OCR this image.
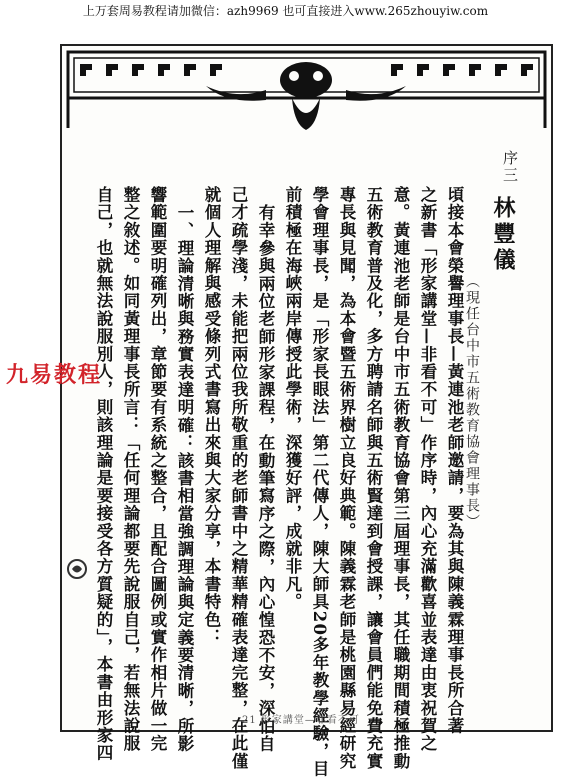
上万套周易教程请加微信：azh9969 也可直接进入www.265zhouyiw.com
序三
林豐儀
（現任台中市五術教育協會理事長）
頃接本會榮譽理事長—黃連池老師邀請，要為其與陳義霖理事長所合著
之新書「形家講堂—非看不可」作序時，內心充滿歡喜並表達由衷祝賀之
意。黃連池老師是台中市五術教育協會第三屆理事長，其任職期間積極推動
五術教育普及化，多方聘請名師與五術賢達到會授課，讓會員們能免費充實
專長與見聞，為本會暨五術界樹立良好典範。陳義霖老師是桃園縣易經研究
學會理事長，是「形家長眼法」第二代傳人，陳大師具20多年教學經驗，目
前積極在海峽兩岸傳授此學術，深獲好評，成就非凡。
有幸參與兩位老師形家課程，在動筆寫序之際，內心惶恐不安，深怕自
己才疏學淺，未能把兩位我所敬重的老師書中之精華精確表達完整，在此僅
就個人理解與感受條列式書寫出來與大家分享，本書特色：
一、理論清晰與務實表達明確：該書相當強調理論與定義要清晰，所影
響範圍要明確列出，章節要有系統之整合，且配合圖例或實作相片做一完
整之敘述。如同黃理事長所言：「任何理論都要先說服自己，若無法說服
自己，也就無法說服別人，則該理論是要接受各方質疑的」，本書由形家四	21 形家講堂—非看不可
九易教程
